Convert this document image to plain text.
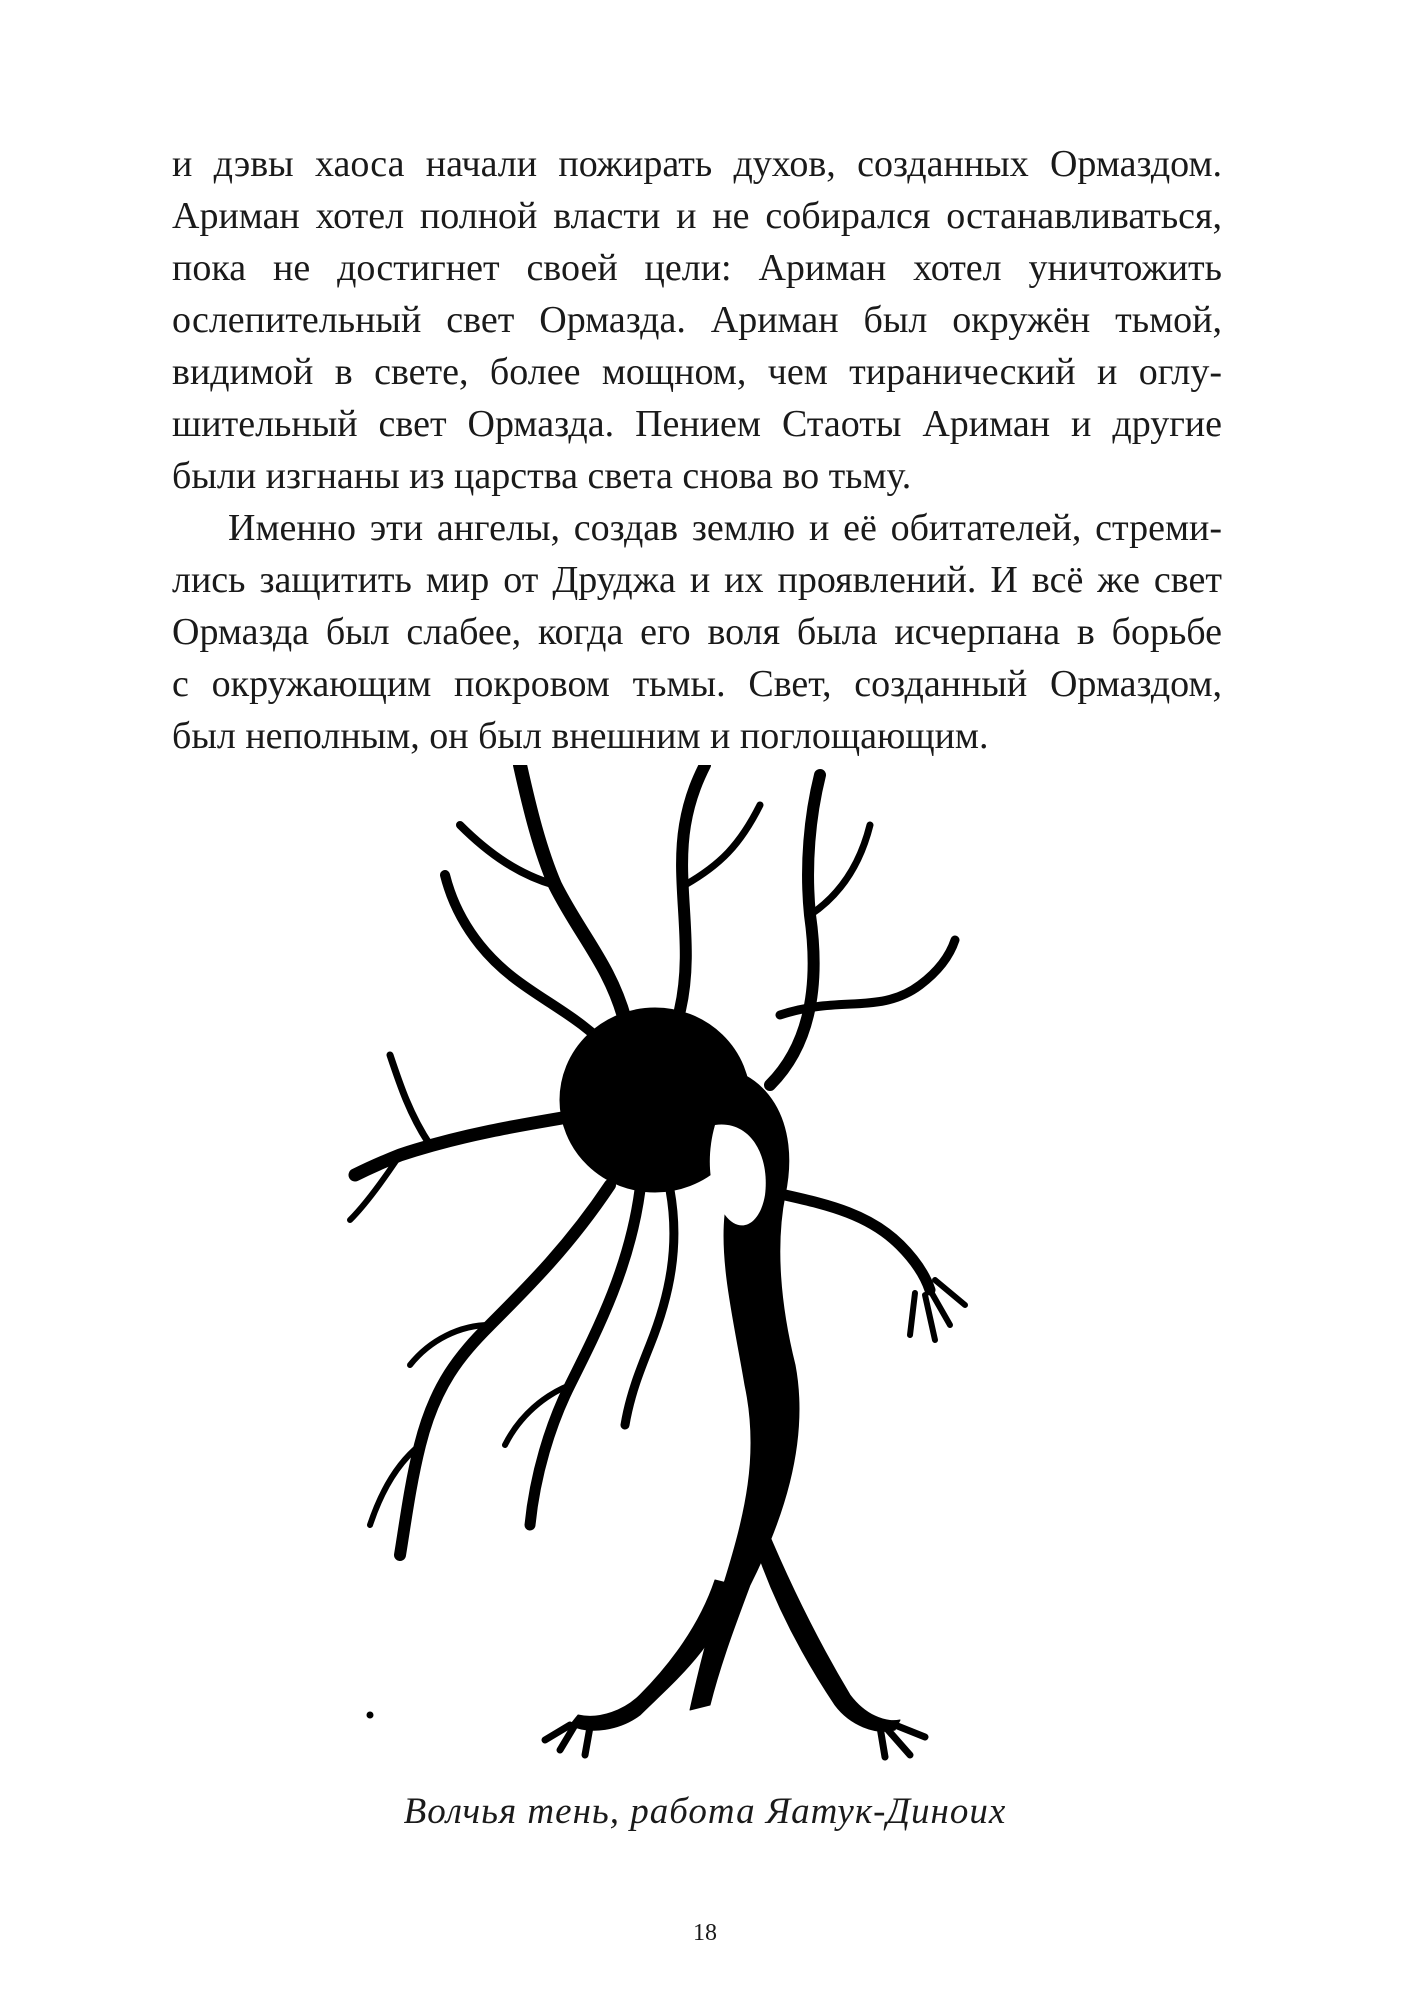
и дэвы хаоса начали пожирать духов, созданных Ормаздом.
Ариман хотел полной власти и не собирался останавливаться,
пока не достигнет своей цели: Ариман хотел уничтожить
ослепительный свет Ормазда. Ариман был окружён тьмой,
видимой в свете, более мощном, чем тиранический и оглу-
шительный свет Ормазда. Пением Стаоты Ариман и другие
были изгнаны из царства света снова во тьму.
Именно эти ангелы, создав землю и её обитателей, стреми-
лись защитить мир от Друджа и их проявлений. И всё же свет
Ормазда был слабее, когда его воля была исчерпана в борьбе
с окружающим покровом тьмы. Свет, созданный Ормаздом,
был неполным, он был внешним и поглощающим.
Волчья тень, работа Яатук-Диноих
18
